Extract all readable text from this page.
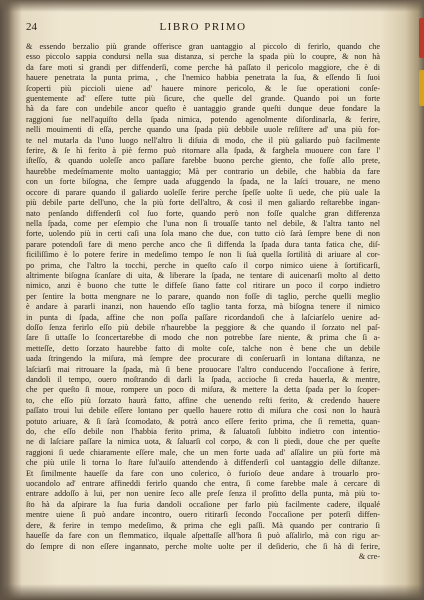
24	LIBRO PRIMO
& essendo berzalio più grande offerisce gran uantaggio al piccolo di ferirlo, quando che
esso piccolo sappia condursi nella sua distanza, si perche la spada più lo coupre, & non hà
da fare moti sì grandi per diffenderſi, come perche hà paſſato il pericolo maggiore, che è di
hauere penetrata la punta prima, , che l'nemico habbia penetrata la ſua, & eſſendo lì ſuoi
ſcoperti più piccioli uiene ad' hauere minore pericolo, & le ſue operationi conſe-
guentemente ad' eſſere tutte più ſicure, che quelle del grande. Quando poi un forte
hà da fare con undebile ancor queſto è uantaggio grande queſti dunque deue fondare la
raggioni ſue nell'aquiſto della ſpada nimica, potendo agenolmente diſordinarla, & ferire,
nelli mouimenti di eſſa, perche quando una ſpada più debbile uuole reſiſtere ad' una più for-
te nel mutarla da l'uno luogo nell'altro li diſuia di modo, che il più galiardo può facilmente
ferire, & ſe hì ferito à piè fermo può ritornare alla ſpada, & farghela muouere con fare l'
iſteſſo, & quando uoleſſe anco paſſare farebbe buono perche giento, che foſſe allo prete,
haurebbe medeſmamente molto uantaggio; Mà per contrario un debile, che habbia da fare
con un forte biſogna, che ſempre uada afuggendo la ſpada, ne la laſci trouare, ne meno
occore di parare quando il galiardo uoleſſe ferire perche ſpeſſe uolte ſi uede, che più uale la
più debile parte dell'uno, che la più forte dell'altro, & così il men galiardo reſtarebbe ingan-
nato penſando diffenderſi col ſuo forte, quando però non foſſe qualche gran differenza
nella ſpada, come per eſempio che l'una non ſi trouaſſe tanto nel debile, & l'altra tanto nel
forte, uolendo più in certi caſi una ſola mano che due, con tutto ciò ſarà ſempre bene di non
parare potendoſi fare di meno perche anco che ſi diffenda la ſpada dura tanta fatica che, diſ-
ficiliſſimo è lo potere ferire in medeſimo tempo ſe non li ſuà quella ſortilità di ariuare al cor-
po prima, che l'altro la tocchi, perche in queſto caſo il corpo nimico uiene à ſortificarſi,
altrimente biſogna ſcanſare di uita, & liberare la ſpada, ne tentare di auicenarſi molto al detto
nimico, anzi è buono che tutte le diffeſe ſiano fatte col ritirare un poco il corpo indietro
per ſentire la botta mengnare ne lo parare, quando non foſſe di taglio, perche quelli meglio
è andare à pararli inanzi, non hauendo eſſo taglio tanta forza, mà biſogna tenere il nimico
in punta di ſpada, affine che non poſſa paſſare ricordandoſi che à laſciarſelo uenire ad-
doſſo ſenza ferirlo eſſo più debile n'haurebbe la peggiore & che quando il ſorzato nel paſ-
ſare ſi uttaſſe lo ſconcertarebbe di modo che non potrebbe ſare niente, & prima che ſi a-
metteſſe, detto ſorzato haurebbe fatto di molte coſe, talche non è bene che un debile
uada ſtringendo la miſura, mà ſempre dee procurare di conſeruarſi in lontana diſtanza, ne
laſciarſi mai ritrouare la ſpada, mà ſi bene prouocare l'altro conducendo l'occaſione à ferire,
dandoli il tempo, ouero moſtrando di darli la ſpada, accioche ſi creda hauerla, & mentre,
che per queſto ſi moue, rompere un poco di miſura, & mettere la detta ſpada per lo ſcoper-
to, che eſſo più ſorzato haurà fatto, affine che uenendo reſti ferito, & credendo hauere
paſſato troui lui debile eſſere lontano per quello hauere rotto di miſura che così non lo haurà
potuto ariuare, & ſi ſarà ſcomodato, & potrà anco eſſere ferito prima, che ſi remetta, quan-
do, che eſſo debile non l'habbia ferito prima, & ſaluatoſi ſubbito indietro con intentio-
ne di laſciare paſſare la nimica uota, & ſaluarſi col corpo, & con li piedi, doue che per queſte
raggioni ſi uede chiaramente eſſere male, che un men forte uada ad' aſſalire un più forte mà
che più utile li torna lo ſtare ſul'auiſo attendendo à diffenderſi col uantaggio delle diſtanze.
Et ſimilmente haueſſe da fare con uno colerico, ò furioſo deue andare à trouarlo pro-
uocandolo ad' entrare affineddi ferirlo quando che entra, ſi come farebbe male à cercare di
entrare addoſſo à lui, per non uenire ſeco alle preſe ſenza il proſitto della punta, mà più to-
ſto hà da aſpirare la ſua furia dandoli occaſione per farlo più facilmente cadere, ilqualé
mentre uiene ſi può andare incontro, ouero ritirarſi ſecondo l'occaſione per poterſi diffen-
dere, & ferire in tempo medeſimo, & prima che egli paſſi. Mà quando per contrario ſi
haueſſe da fare con un flemmatico, ilquale aſpettaſſe all'hora ſi può aſſalirlo, mà con rigu ar-
do ſempre di non eſſere ingannato, perche molte uolte per il deſiderio, che ſi hà di ferire,
& cre-
